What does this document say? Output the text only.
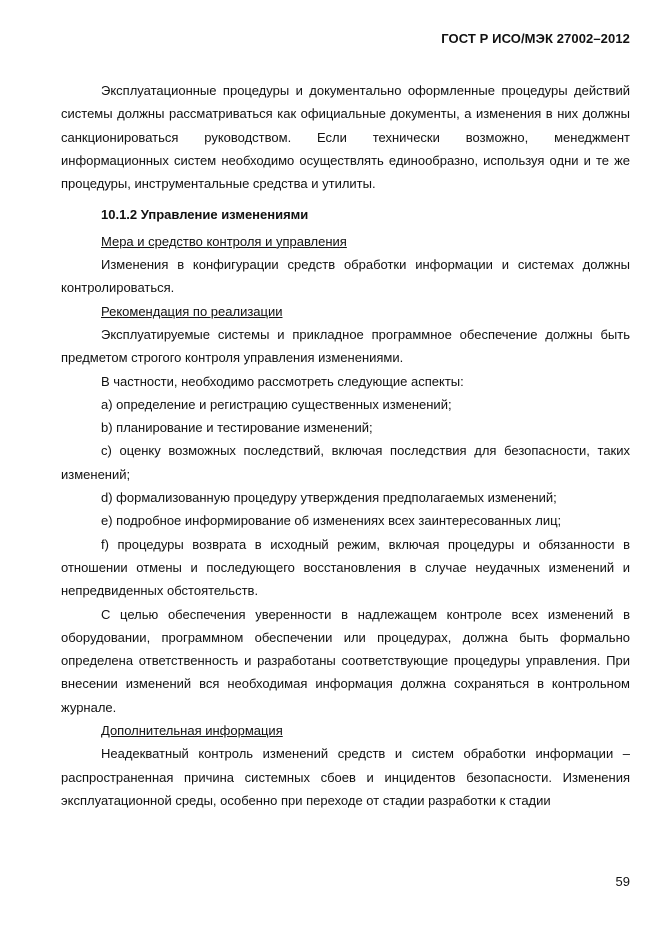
ГОСТ Р ИСО/МЭК 27002–2012

Эксплуатационные процедуры и документально оформленные процедуры действий системы должны рассматриваться как официальные документы, а изменения в них должны санкционироваться руководством. Если технически возможно, менеджмент информационных систем необходимо осуществлять единообразно, используя одни и те же процедуры, инструментальные средства и утилиты.

10.1.2 Управление изменениями

Мера и средство контроля и управления

Изменения в конфигурации средств обработки информации и системах должны контролироваться.

Рекомендация по реализации

Эксплуатируемые системы и прикладное программное обеспечение должны быть предметом строгого контроля управления изменениями.

В частности, необходимо рассмотреть следующие аспекты:

a) определение и регистрацию существенных изменений;

b) планирование и тестирование изменений;

c) оценку возможных последствий, включая последствия для безопасности, таких изменений;

d) формализованную процедуру утверждения предполагаемых изменений;

e) подробное информирование об изменениях всех заинтересованных лиц;

f) процедуры возврата в исходный режим, включая процедуры и обязанности в отношении отмены и последующего восстановления в случае неудачных изменений и непредвиденных обстоятельств.

С целью обеспечения уверенности в надлежащем контроле всех изменений в оборудовании, программном обеспечении или процедурах, должна быть формально определена ответственность и разработаны соответствующие процедуры управления. При внесении изменений вся необходимая информация должна сохраняться в контрольном журнале.

Дополнительная информация

Неадекватный контроль изменений средств и систем обработки информации – распространенная причина системных сбоев и инцидентов безопасности. Изменения эксплуатационной среды, особенно при переходе от стадии разработки к стадии

59
